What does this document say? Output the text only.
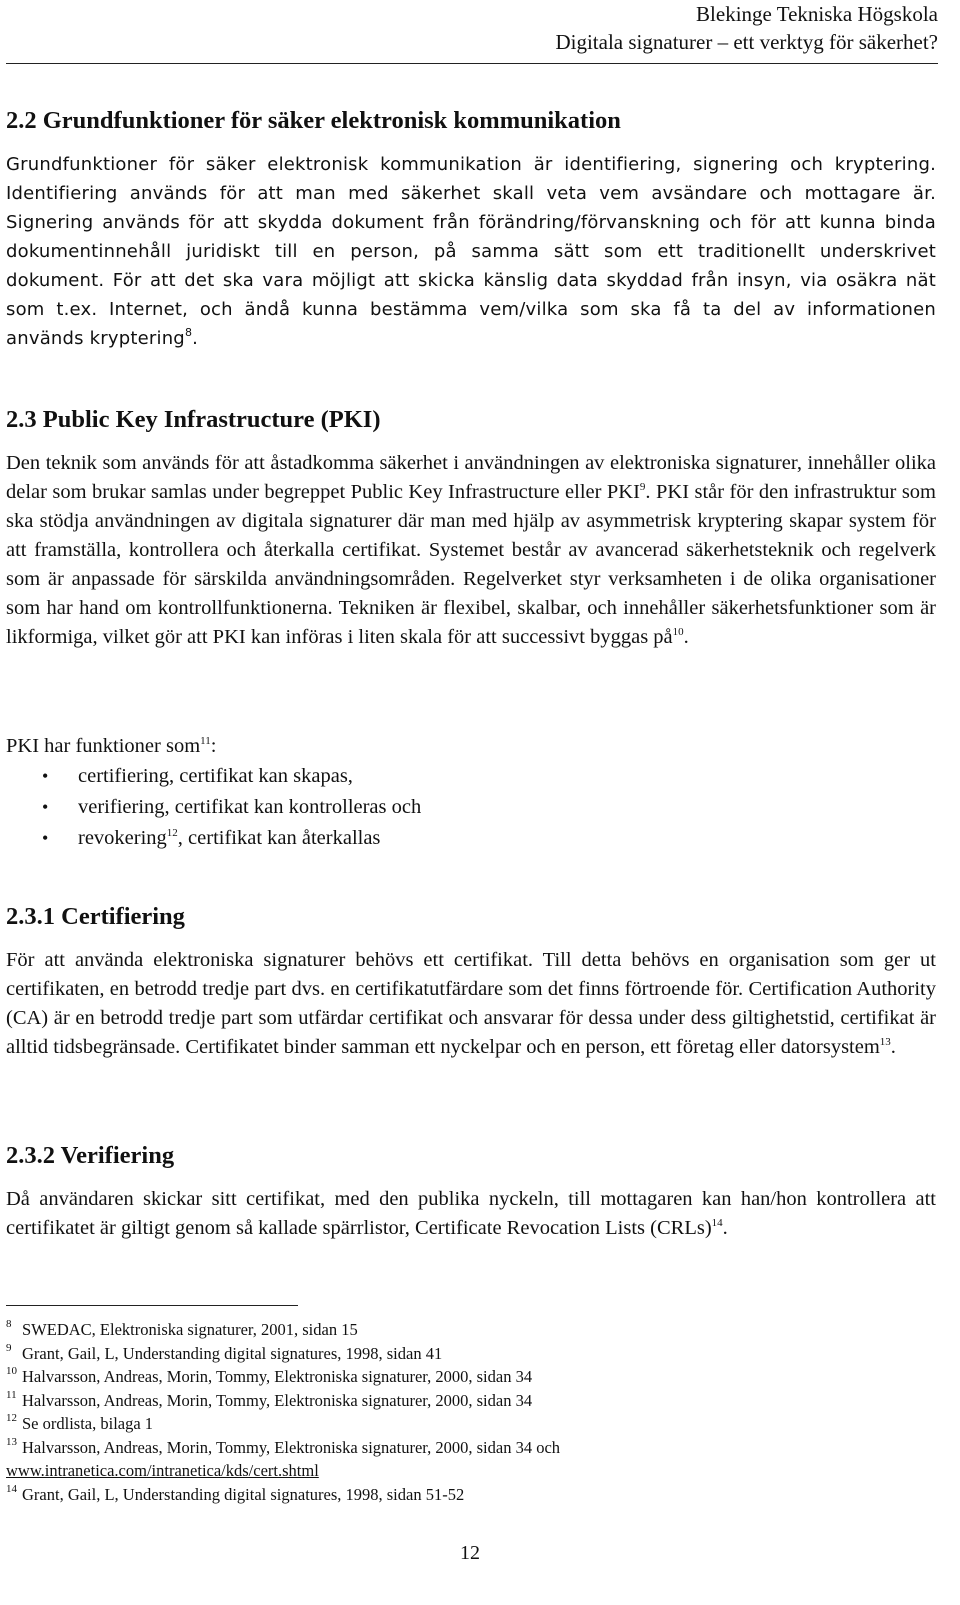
Blekinge Tekniska Högskola
Digitala signaturer – ett verktyg för säkerhet?
2.2 Grundfunktioner för säker elektronisk kommunikation

Grundfunktioner för säker elektronisk kommunikation är identifiering, signering och kryptering. Identifiering används för att man med säkerhet skall veta vem avsändare och mottagare är. Signering används för att skydda dokument från förändring/förvanskning och för att kunna binda dokumentinnehåll juridiskt till en person, på samma sätt som ett traditionellt underskrivet dokument. För att det ska vara möjligt att skicka känslig data skyddad från insyn, via osäkra nät som t.ex. Internet, och ändå kunna bestämma vem/vilka som ska få ta del av informationen används kryptering$^8$.

2.3 Public Key Infrastructure (PKI)

Den teknik som används för att åstadkomma säkerhet i användningen av elektroniska signaturer, innehåller olika delar som brukar samlas under begreppet Public Key Infrastructure eller PKI$^9$. PKI står för den infrastruktur som ska stödja användningen av digitala signaturer där man med hjälp av asymmetrisk kryptering skapar system för att framställa, kontrollera och återkalla certifikat. Systemet består av avancerad säkerhetsteknik och regelverk som är anpassade för särskilda användningsområden. Regelverket styr verksamheten i de olika organisationer som har hand om kontrollfunktionerna. Tekniken är flexibel, skalbar, och innehåller säkerhetsfunktioner som är likformiga, vilket gör att PKI kan införas i liten skala för att successivt byggas $på^{10}$.

PKI har funktioner som$^{11}$:

• certifiering, certifikat kan skapas,
• verifiering, certifikat kan kontrolleras och
• revokering$^{12}$, certifikat kan återkallas
2.3.1 Certifiering

För att använda elektroniska signaturer behövs ett certifikat. Till detta behövs en organisation som ger ut certifikaten, en betrodd tredje part dvs. en certifikatutfärdare som det finns förtroende för. Certification Authority (CA) är en betrodd tredje part som utfärdar certifikat och ansvarar för dessa under dess giltighetstid, certifikat är alltid tidsbegränsade. Certifikatet binder samman ett nyckelpar och en person, ett företag eller datorsystem$^{13}$.

2.3.2 Verifiering

Då användaren skickar sitt certifikat, med den publika nyckeln, till mottagaren kan han/hon kontrollera att certifikatet är giltigt genom så kallade spärrlistor, Certificate Revocation Lists (CRLs)$^{14}$.

8 SWEDAC, Elektroniska signaturer, 2001, sidan 15
9 Grant, Gail, L, Understanding digital signatures, 1998, sidan 41
10 Halvarsson, Andreas, Morin, Tommy, Elektroniska signaturer, 2000, sidan 34
11 Halvarsson, Andreas, Morin, Tommy, Elektroniska signaturer, 2000, sidan 34
12 Se ordlista, bilaga 1
13 Halvarsson, Andreas, Morin, Tommy, Elektroniska signaturer, 2000, sidan 34 och
www.intranetica.com/intranetica/kds/cert.shtml
14 Grant, Gail, L, Understanding digital signatures, 1998, sidan 51-52
12
